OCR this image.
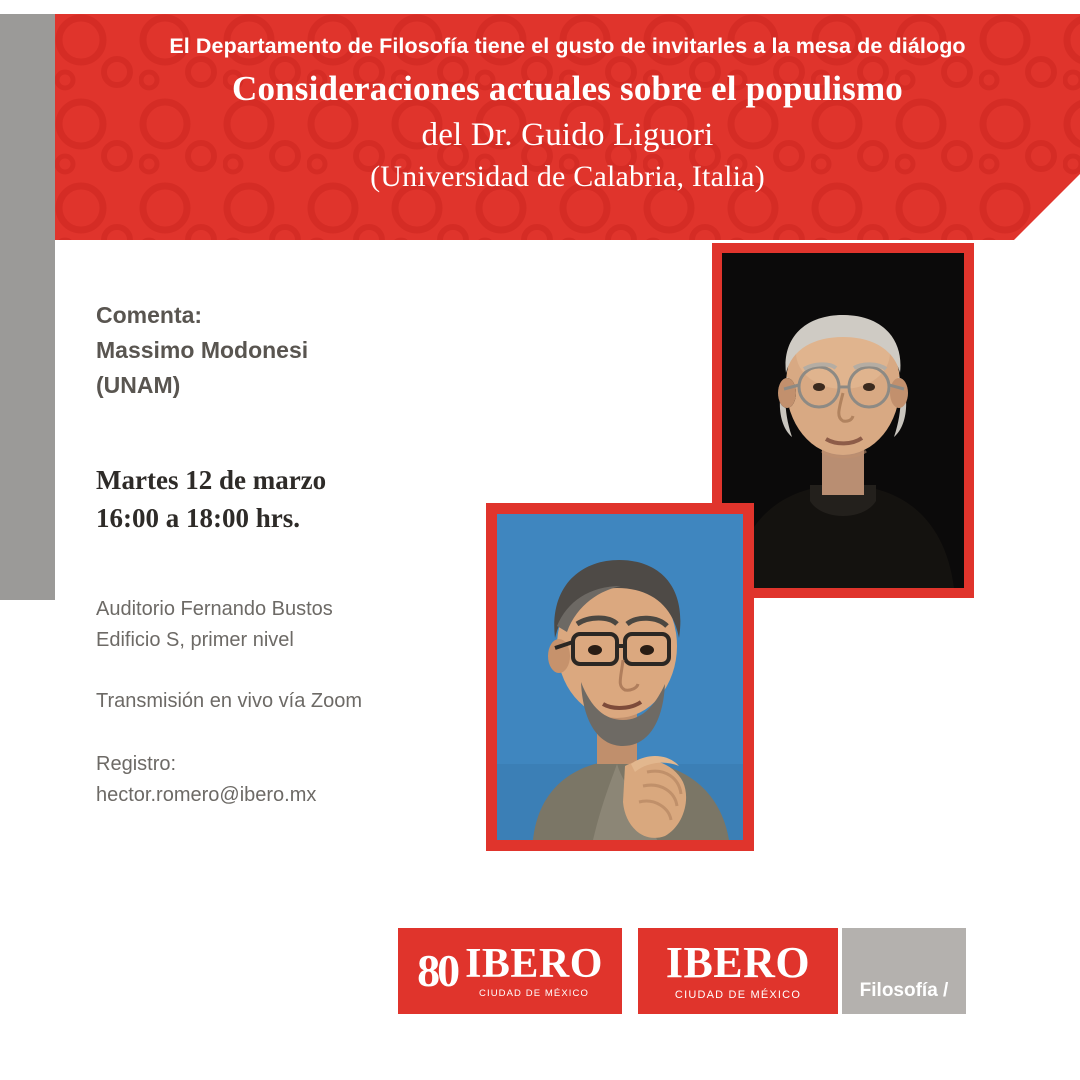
El Departamento de Filosofía tiene el gusto de invitarles a la mesa de diálogo
Consideraciones actuales sobre el populismo
del Dr. Guido Liguori
(Universidad de Calabria, Italia)
Comenta:
Massimo Modonesi
(UNAM)
Martes 12 de marzo
16:00 a 18:00 hrs.
Auditorio Fernando Bustos
Edificio S, primer nivel
Transmisión en vivo vía Zoom
Registro:
hector.romero@ibero.mx
80 IBERO
CIUDAD DE MÉXICO
IBERO
CIUDAD DE MÉXICO	Filosofía /
